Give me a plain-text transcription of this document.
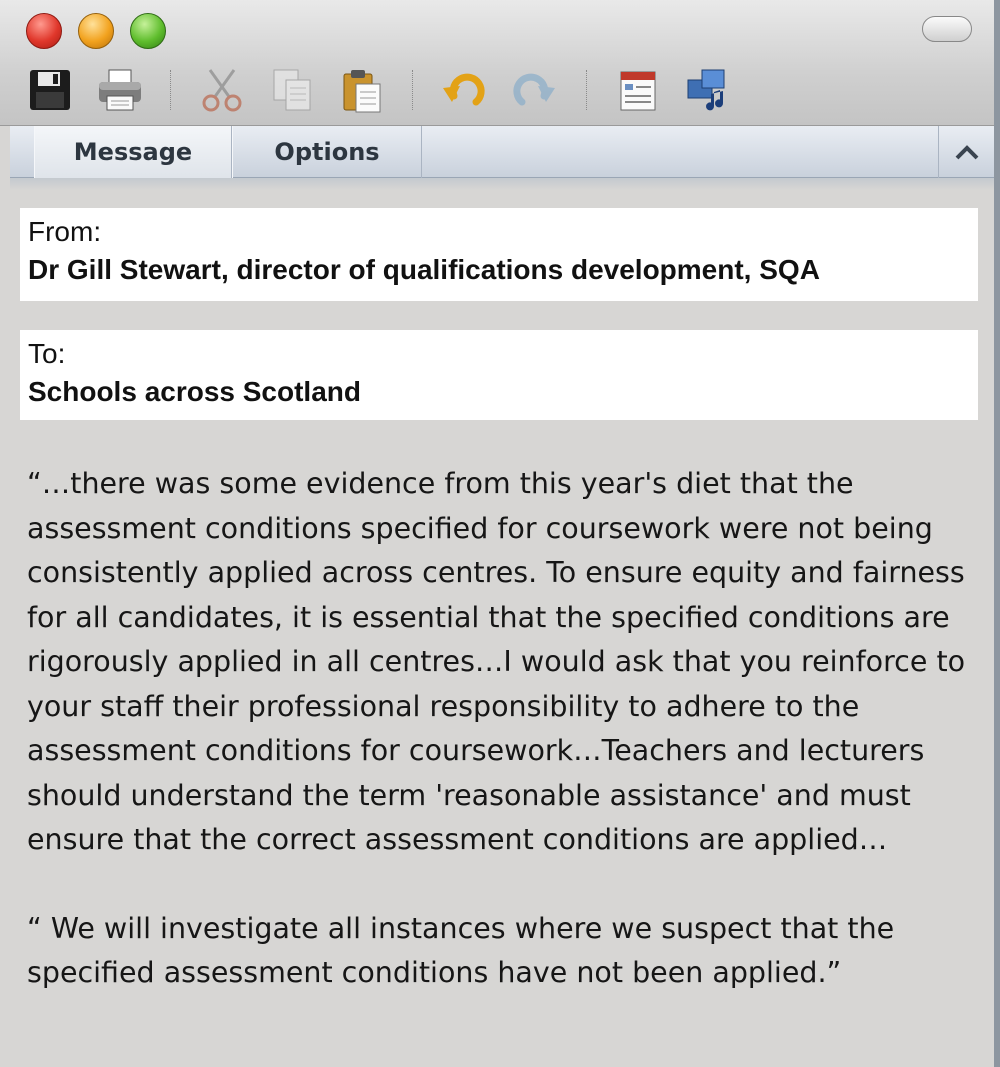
Message	Options
From:
Dr Gill Stewart, director of qualifications development, SQA
To:
Schools across Scotland

“…there was some evidence from this year's diet that the assessment conditions specified for coursework were not being consistently applied across centres. To ensure equity and fairness for all candidates, it is essential that the specified conditions are rigorously applied in all centres…I would ask that you reinforce to your staff their professional responsibility to adhere to the assessment conditions for coursework…Teachers and lecturers should understand the term 'reasonable assistance' and must ensure that the correct assessment conditions are applied…

“ We will investigate all instances where we suspect that the specified assessment conditions have not been applied.”
